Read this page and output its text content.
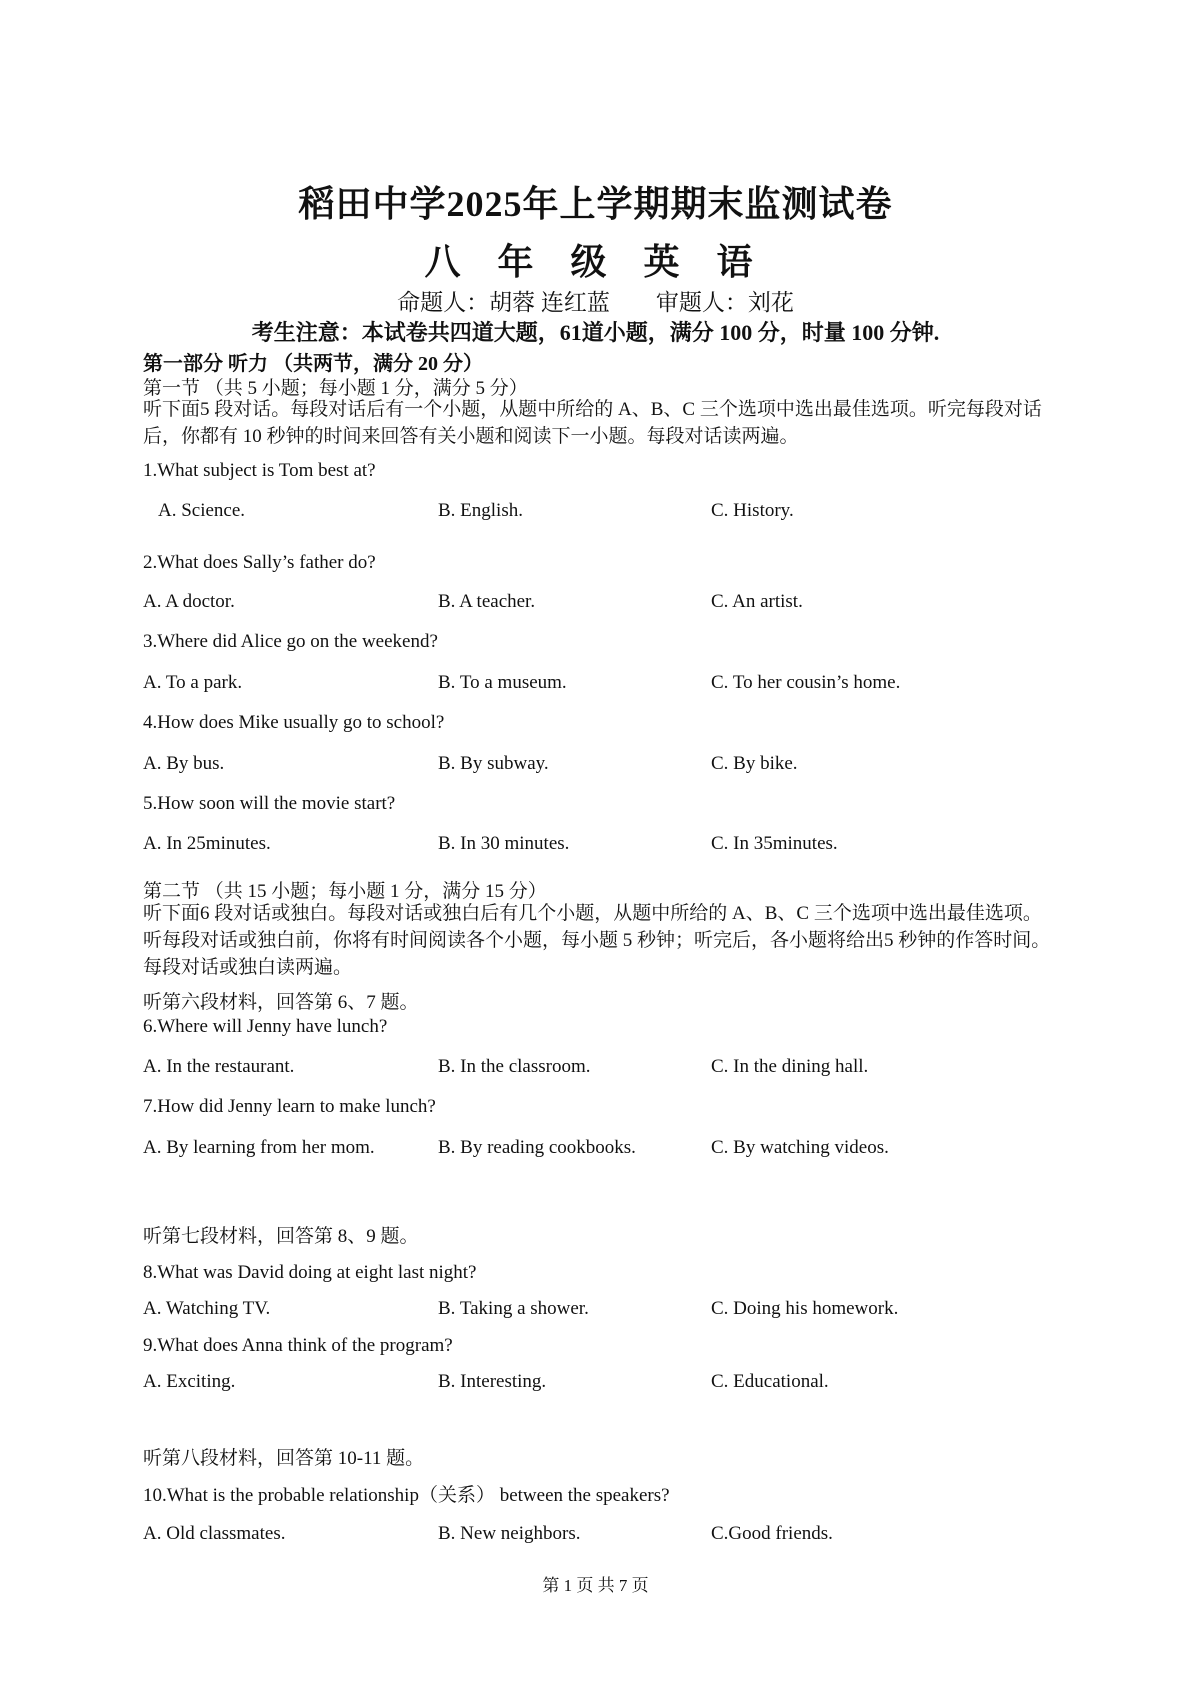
稻田中学2025年上学期期末监测试卷
八 年 级 英 语
命题人：胡蓉 连红蓝 审题人：刘花
考生注意：本试卷共四道大题，61道小题，满分 100 分，时量 100 分钟.
第一部分 听力 （共两节，满分 20 分）
第一节 （共 5 小题；每小题 1 分，满分 5 分）
听下面5 段对话。每段对话后有一个小题，从题中所给的 A、B、C 三个选项中选出最佳选项。听完每段对话后，你都有 10 秒钟的时间来回答有关小题和阅读下一小题。每段对话读两遍。
1.What subject is Tom best at?
A. Science.	B. English.	C. History.
2.What does Sally’s father do?
A. A doctor.	B. A teacher.	C. An artist.
3.Where did Alice go on the weekend?
A. To a park.	B. To a museum.	C. To her cousin’s home.
4.How does Mike usually go to school?
A. By bus.	B. By subway.	C. By bike.
5.How soon will the movie start?
A. In 25minutes.	B. In 30 minutes.	C. In 35minutes.
第二节 （共 15 小题；每小题 1 分，满分 15 分）
听下面6 段对话或独白。每段对话或独白后有几个小题，从题中所给的 A、B、C 三个选项中选出最佳选项。听每段对话或独白前，你将有时间阅读各个小题，每小题 5 秒钟；听完后，各小题将给出5 秒钟的作答时间。每段对话或独白读两遍。
听第六段材料，回答第 6、7 题。
6.Where will Jenny have lunch?
A. In the restaurant.	B. In the classroom.	C. In the dining hall.
7.How did Jenny learn to make lunch?
A. By learning from her mom.	B. By reading cookbooks.	C. By watching videos.
听第七段材料，回答第 8、9 题。
8.What was David doing at eight last night?
A. Watching TV.	B. Taking a shower.	C. Doing his homework.
9.What does Anna think of the program?
A. Exciting.	B. Interesting.	C. Educational.
听第八段材料，回答第 10-11 题。
10.What is the probable relationship（关系） between the speakers?
A. Old classmates.	B. New neighbors.	C.Good friends.
第 1 页 共 7 页
